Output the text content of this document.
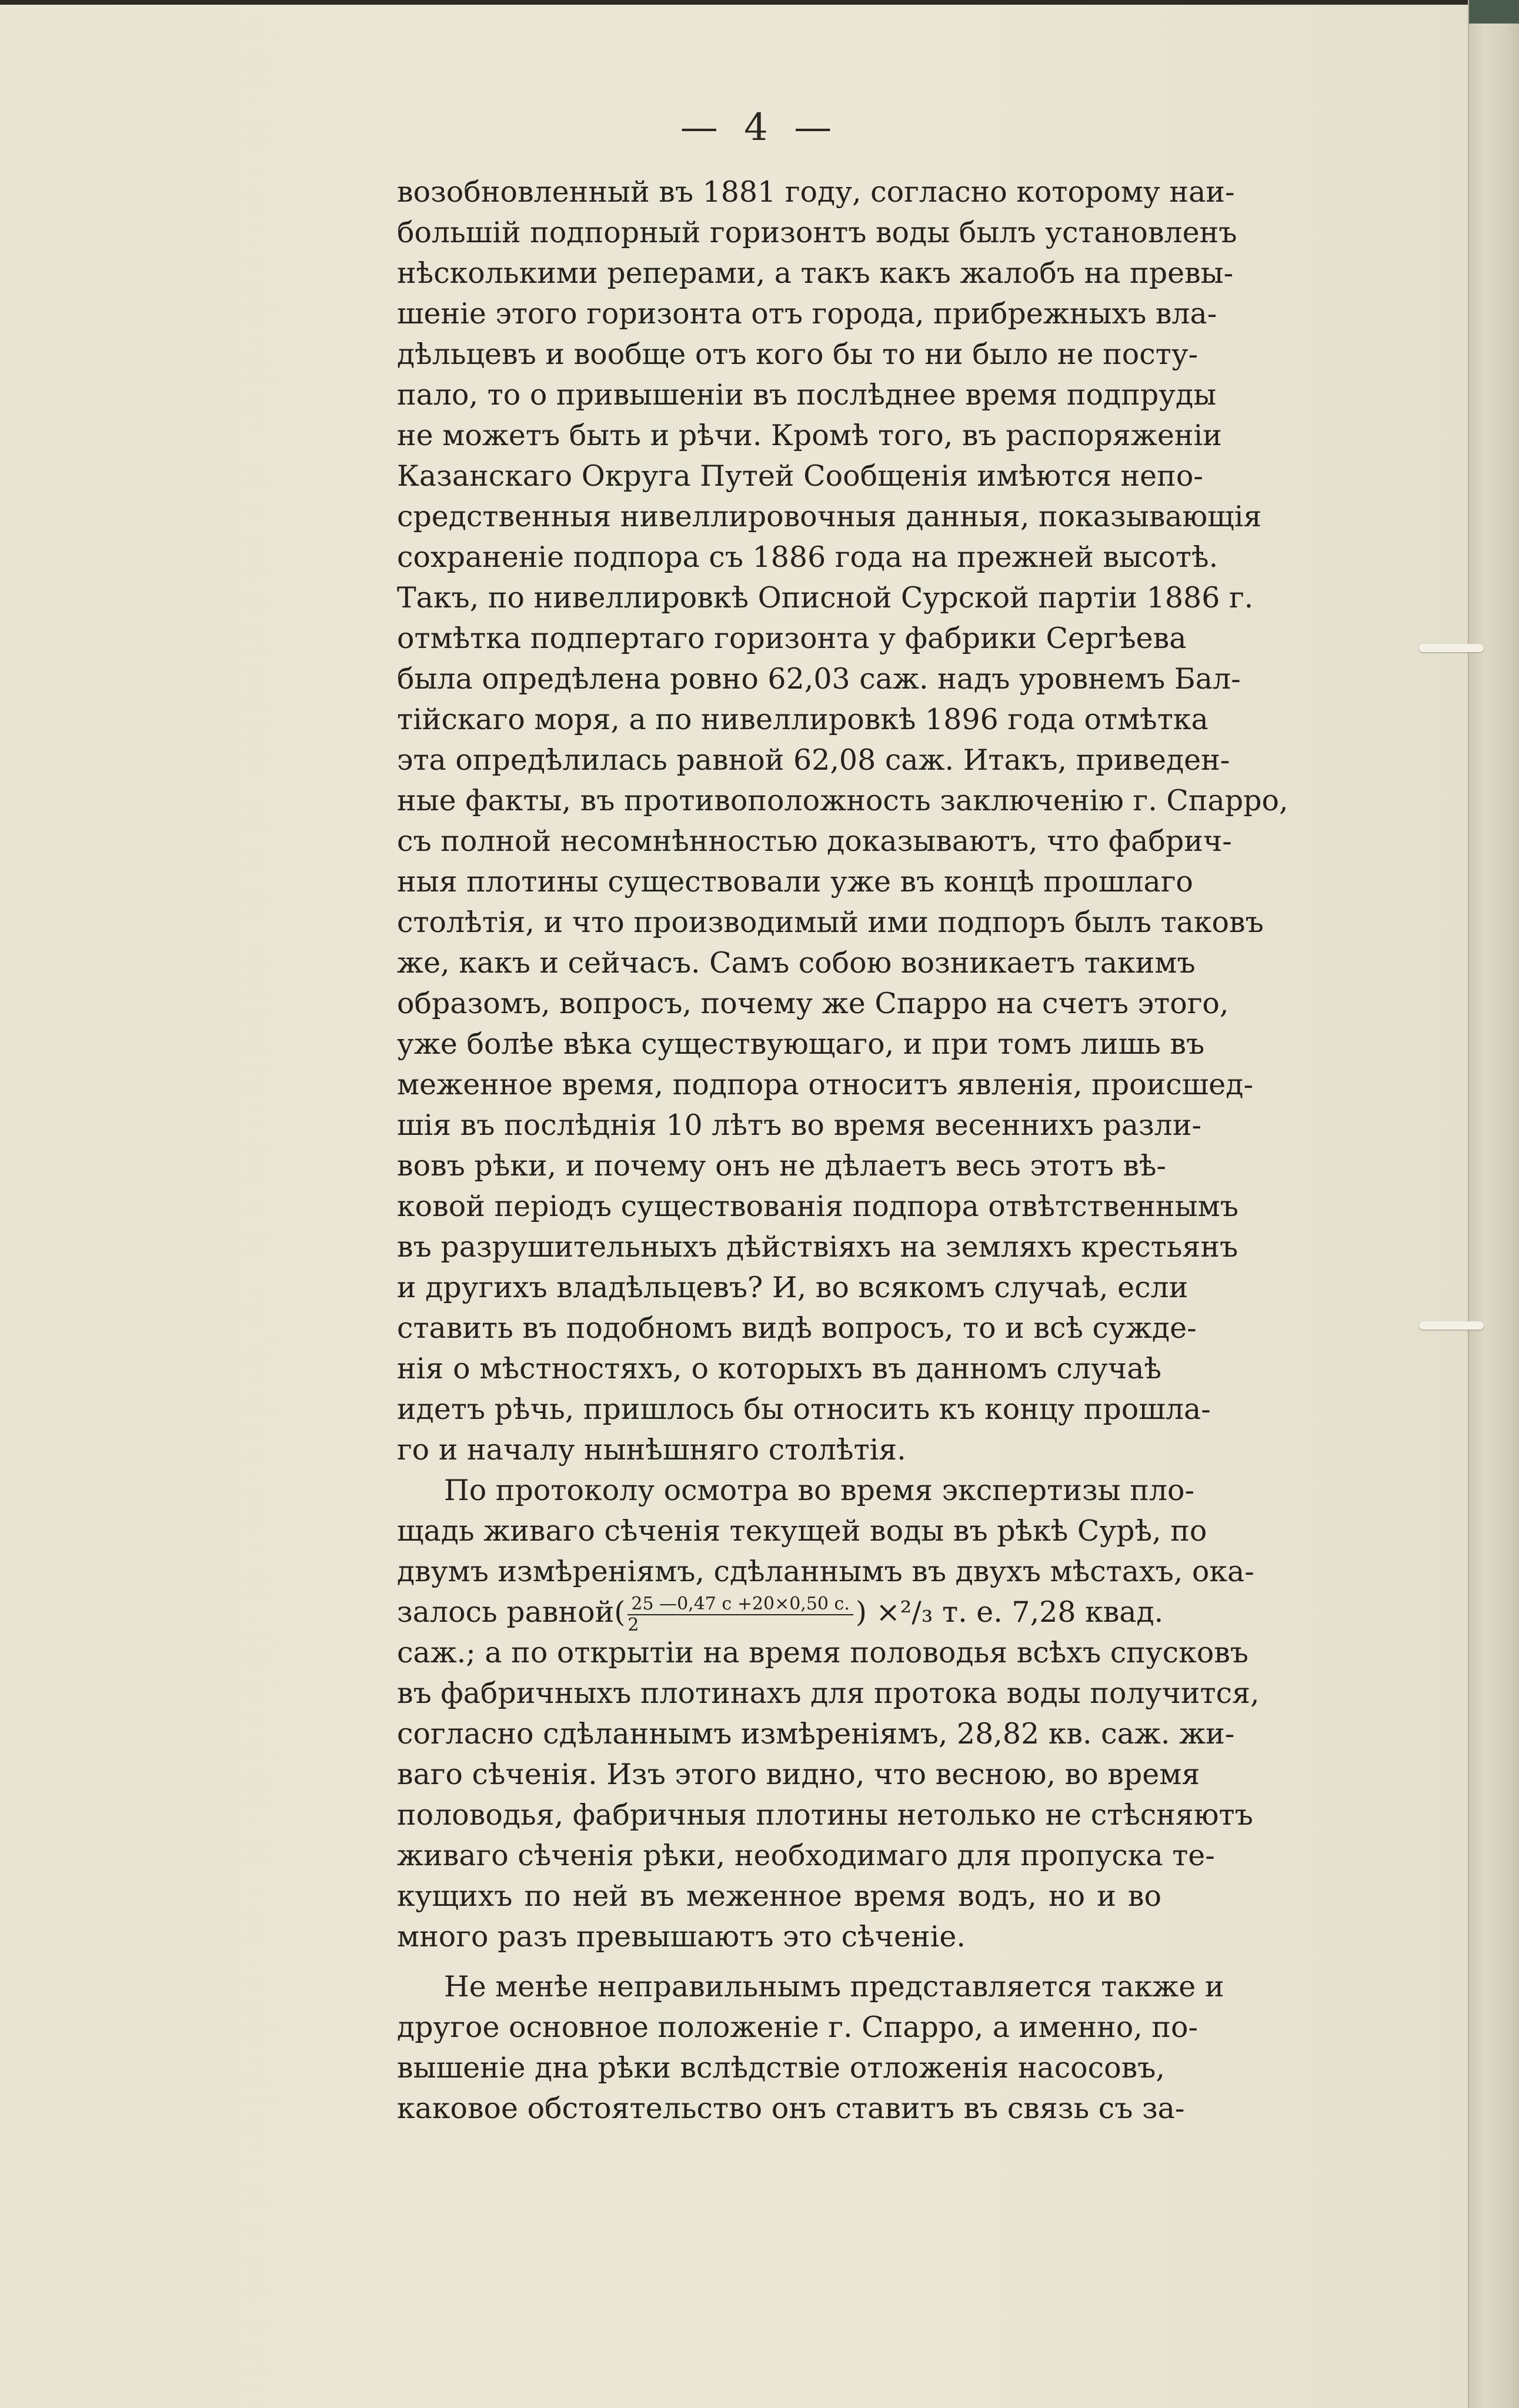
— 4 —
возобновленный въ 1881 году, согласно которому наи-
большій подпорный горизонтъ воды былъ установленъ
нѣсколькими реперами, а такъ какъ жалобъ на превы-
шеніе этого горизонта отъ города, прибрежныхъ вла-
дѣльцевъ и вообще отъ кого бы то ни было не посту-
пало, то о привышеніи въ послѣднее время подпруды
не можетъ быть и рѣчи. Кромѣ того, въ распоряженіи
Казанскаго Округа Путей Сообщенія имѣются непо-
средственныя нивеллировочныя данныя, показывающія
сохраненіе подпора съ 1886 года на прежней высотѣ.
Такъ, по нивеллировкѣ Описной Сурской партіи 1886 г.
отмѣтка подпертаго горизонта у фабрики Сергѣева
была опредѣлена ровно 62,03 саж. надъ уровнемъ Бал-
тійскаго моря, а по нивеллировкѣ 1896 года отмѣтка
эта опредѣлилась равной 62,08 саж. Итакъ, приведен-
ные факты, въ противоположность заключенію г. Спарро,
съ полной несомнѣнностью доказываютъ, что фабрич-
ныя плотины существовали уже въ концѣ прошлаго
столѣтія, и что производимый ими подпоръ былъ таковъ
же, какъ и сейчасъ. Самъ собою возникаетъ такимъ
образомъ, вопросъ, почему же Спарро на счетъ этого,
уже болѣе вѣка существующаго, и при томъ лишь въ
меженное время, подпора относитъ явленія, происшед-
шія въ послѣднія 10 лѣтъ во время весеннихъ разли-
вовъ рѣки, и почему онъ не дѣлаетъ весь этотъ вѣ-
ковой періодъ существованія подпора отвѣтственнымъ
въ разрушительныхъ дѣйствіяхъ на земляхъ крестьянъ
и другихъ владѣльцевъ? И, во всякомъ случаѣ, если
ставить въ подобномъ видѣ вопросъ, то и всѣ сужде-
нія о мѣстностяхъ, о которыхъ въ данномъ случаѣ
идетъ рѣчь, пришлось бы относить къ концу прошла-
го и началу нынѣшняго столѣтія.
По протоколу осмотра во время экспертизы пло-
щадь живаго сѣченія текущей воды въ рѣкѣ Сурѣ, по
двумъ измѣреніямъ, сдѣланнымъ въ двухъ мѣстахъ, ока-
залось равной( $\frac{25 —0,47 с +20\times 0,50 с.}{2}$ ) ×²/₃ т. е. 7,28 квад.
саж.; а по открытіи на время половодья всѣхъ спусковъ
въ фабричныхъ плотинахъ для протока воды получится,
согласно сдѣланнымъ измѣреніямъ, 28,82 кв. саж. жи-
ваго сѣченія. Изъ этого видно, что весною, во время
половодья, фабричныя плотины нетолько не стѣсняютъ
живаго сѣченія рѣки, необходимаго для пропуска те-
кущихъ по ней въ меженное время водъ, но и во
много разъ превышаютъ это сѣченіе.
Не менѣе неправильнымъ представляется также и
другое основное положеніе г. Спарро, а именно, по-
вышеніе дна рѣки вслѣдствіе отложенія насосовъ,
каковое обстоятельство онъ ставитъ въ связь съ за-
